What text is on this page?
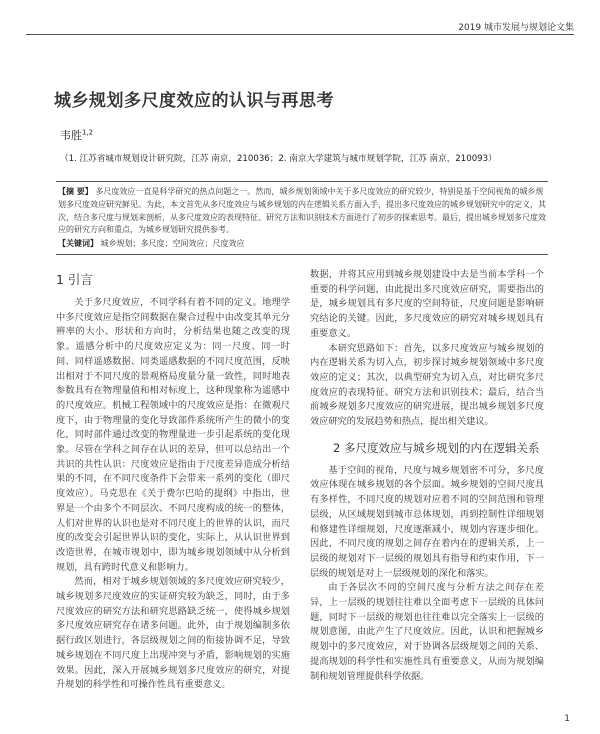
2019 城市发展与规划论文集
城乡规划多尺度效应的认识与再思考
韦胜$^{1,2}$
（1. 江苏省城市规划设计研究院，江苏 南京，210036；2. 南京大学建筑与城市规划学院，江苏 南京，210093）
【摘 要】 多尺度效应一直是科学研究的热点问题之一。然而，城乡规划领域中关于多尺度效应的研究较少，特别是基于空间视角的城乡规划多尺度效应研究鲜见。为此，本文首先从多尺度效应与城乡规划的内在逻辑关系方面入手，提出多尺度效应的城乡规划研究中的定义，其次，结合多尺度与规划来剖析，从多尺度效应的表现特征、研究方法和识别技术方面进行了初步的探索思考。最后，提出城乡规划多尺度效应的研究方向和重点，为城乡规划研究提供参考。
【关键词】 城乡规划；多尺度；空间效应；尺度效应
1 引言

关于多尺度效应，不同学科有着不同的定义。地理学中多尺度效应是指空间数据在聚合过程中由改变其单元分辨率的大小、形状和方向时，分析结果也随之改变的现象。遥感分析中的尺度效应定义为：同一尺度、同一时间、同样遥感数据、同类遥感数据的不同尺度范围，反映出相对于不同尺度的景观格局度量分量一致性，同时地表参数具有在物理量值和相对标度上，这种现象称为遥感中的尺度效应。机械工程领域中的尺度效应是指：在微观尺度下，由于物理量的变化导致部件系统所产生的微小的变化，同时部件通过改变的物理量进一步引起系统的变化现象。尽管在学科之间存在认识的差异，但可以总结出一个共识的共性认识：尺度效应是指由于尺度差异造成分析结果的不同，在不同尺度条件下会带来一系列的变化（即尺度效应）。马克思在《关于费尔巴哈的提纲》中指出，世界是一个由多个不同层次、不同尺度构成的统一的整体，人们对世界的认识也是对不同尺度上的世界的认识，而尺度的改变会引起世界认识的变化，实际上，从认识世界到改造世界，在城市规划中，即为城乡规划领域中从分析到规划，具有跨时代意义和影响力。

然而，相对于城乡规划领域的多尺度效应研究较少，城乡规划多尺度效应的实证研究较为缺乏，同时，由于多尺度效应的研究方法和研究思路缺乏统一，使得城乡规划多尺度效应研究存在诸多问题。此外，由于规划编制多依据行政区划进行，各层级规划之间的衔接协调不足，导致城乡规划在不同尺度上出现冲突与矛盾，影响规划的实施效果。因此，深入开展城乡规划多尺度效应的研究，对提升规划的科学性和可操作性具有重要意义。

数据，并将其应用到城乡规划建设中去是当前本学科一个重要的科学问题，由此提出多尺度效应研究，需要指出的是，城乡规划具有多尺度的空间特征，尺度问题是影响研究结论的关键。因此，多尺度效应的研究对城乡规划具有重要意义。

本研究思路如下：首先，以多尺度效应与城乡规划的内在逻辑关系为切入点，初步探讨城乡规划领域中多尺度效应的定义；其次，以典型研究为切入点，对比研究多尺度效应的表现特征、研究方法和识别技术；最后，结合当前城乡规划多尺度效应的研究进展，提出城乡规划多尺度效应研究的发展趋势和热点，提出相关建议。

2 多尺度效应与城乡规划的内在逻辑关系

基于空间的视角，尺度与城乡规划密不可分，多尺度效应体现在城乡规划的各个层面。城乡规划的空间尺度具有多样性，不同尺度的规划对应着不同的空间范围和管理层级，从区域规划到城市总体规划，再到控制性详细规划和修建性详细规划，尺度逐渐减小，规划内容逐步细化。因此，不同尺度的规划之间存在着内在的逻辑关系，上一层级的规划对下一层级的规划具有指导和约束作用，下一层级的规划是对上一层级规划的深化和落实。

由于各层次不同的空间尺度与分析方法之间存在差异，上一层级的规划往往难以全面考虑下一层级的具体问题，同时下一层级的规划也往往难以完全落实上一层级的规划意图，由此产生了尺度效应。因此，认识和把握城乡规划中的多尺度效应，对于协调各层级规划之间的关系、提高规划的科学性和实施性具有重要意义，从而为规划编制和规划管理提供科学依据。

1
